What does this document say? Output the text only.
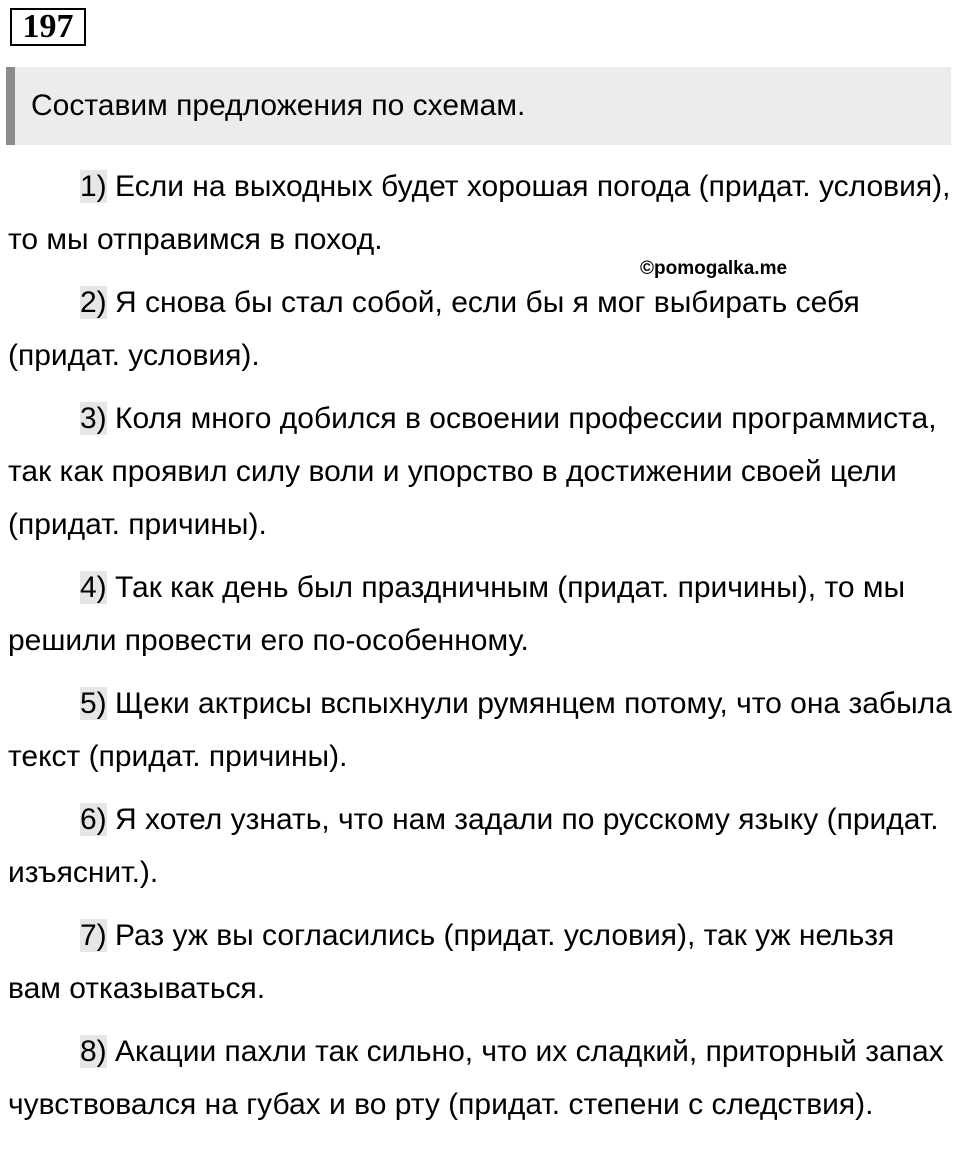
197
Составим предложения по схемам.
©pomogalka.me

1) Если на выходных будет хорошая погода (придат. условия), то мы отправимся в поход.

2) Я снова бы стал собой, если бы я мог выбирать себя (придат. условия).

3) Коля много добился в освоении профессии программиста, так как проявил силу воли и упорство в достижении своей цели (придат. причины).

4) Так как день был праздничным (придат. причины), то мы решили провести его по-особенному.

5) Щеки актрисы вспыхнули румянцем потому, что она забыла текст (придат. причины).

6) Я хотел узнать, что нам задали по русскому языку (придат. изъяснит.).

7) Раз уж вы согласились (придат. условия), так уж нельзя вам отказываться.

8) Акации пахли так сильно, что их сладкий, приторный запах чувствовался на губах и во рту (придат. степени с следствия).
